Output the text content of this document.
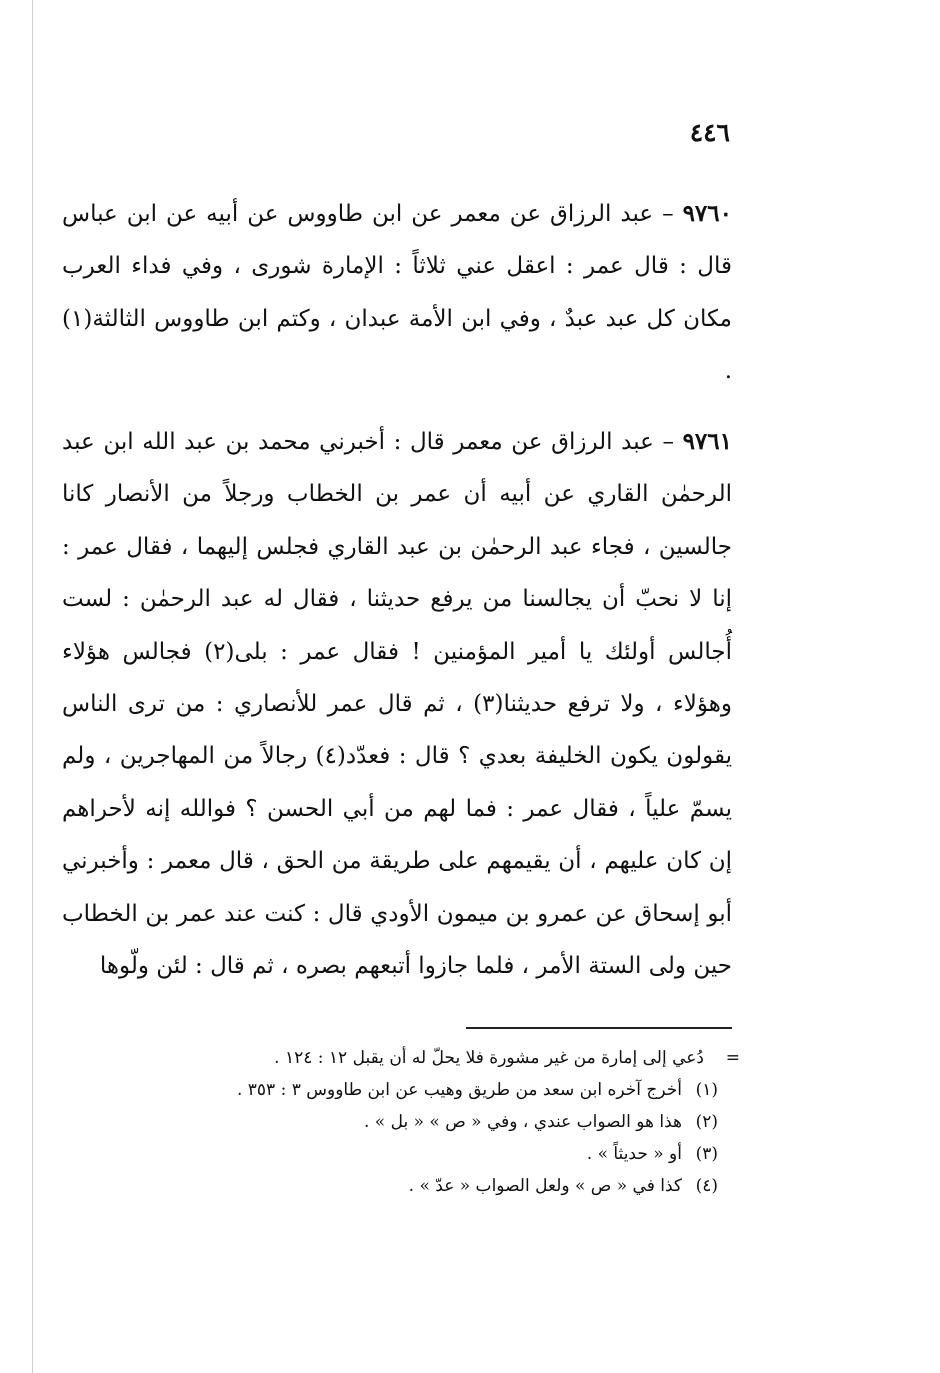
٤٤٦
٩٧٦٠ – عبد الرزاق عن معمر عن ابن طاووس عن أبيه عن ابن عباس قال : قال عمر : اعقل عني ثلاثاً : الإمارة شورى ، وفي فداء العرب مكان كل عبد عبدٌ ، وفي ابن الأمة عبدان ، وكتم ابن طاووس الثالثة(١) .
٩٧٦١ – عبد الرزاق عن معمر قال : أخبرني محمد بن عبد الله ابن عبد الرحمٰن القاري عن أبيه أن عمر بن الخطاب ورجلاً من الأنصار كانا جالسين ، فجاء عبد الرحمٰن بن عبد القاري فجلس إليهما ، فقال عمر : إنا لا نحبّ أن يجالسنا من يرفع حديثنا ، فقال له عبد الرحمٰن : لست أُجالس أولئك يا أمير المؤمنين ! فقال عمر : بلى(٢) فجالس هؤلاء وهؤلاء ، ولا ترفع حديثنا(٣) ، ثم قال عمر للأنصاري : من ترى الناس يقولون يكون الخليفة بعدي ؟ قال : فعدّد(٤) رجالاً من المهاجرين ، ولم يسمّ علياً ، فقال عمر : فما لهم من أبي الحسن ؟ فوالله إنه لأحراهم إن كان عليهم ، أن يقيمهم على طريقة من الحق ، قال معمر : وأخبرني أبو إسحاق عن عمرو بن ميمون الأودي قال : كنت عند عمر بن الخطاب حين ولى الستة الأمر ، فلما جازوا أتبعهم بصره ، ثم قال : لئن ولّوها
=دُعي إلى إمارة من غير مشورة فلا يحلّ له أن يقبل ١٢ : ١٢٤ .
(١)أخرج آخره ابن سعد من طريق وهيب عن ابن طاووس ٣ : ٣٥٣ .
(٢)هذا هو الصواب عندي ، وفي « ص » « بل » .
(٣)أو « حديثاً » .
(٤)كذا في « ص » ولعل الصواب « عدّ » .
